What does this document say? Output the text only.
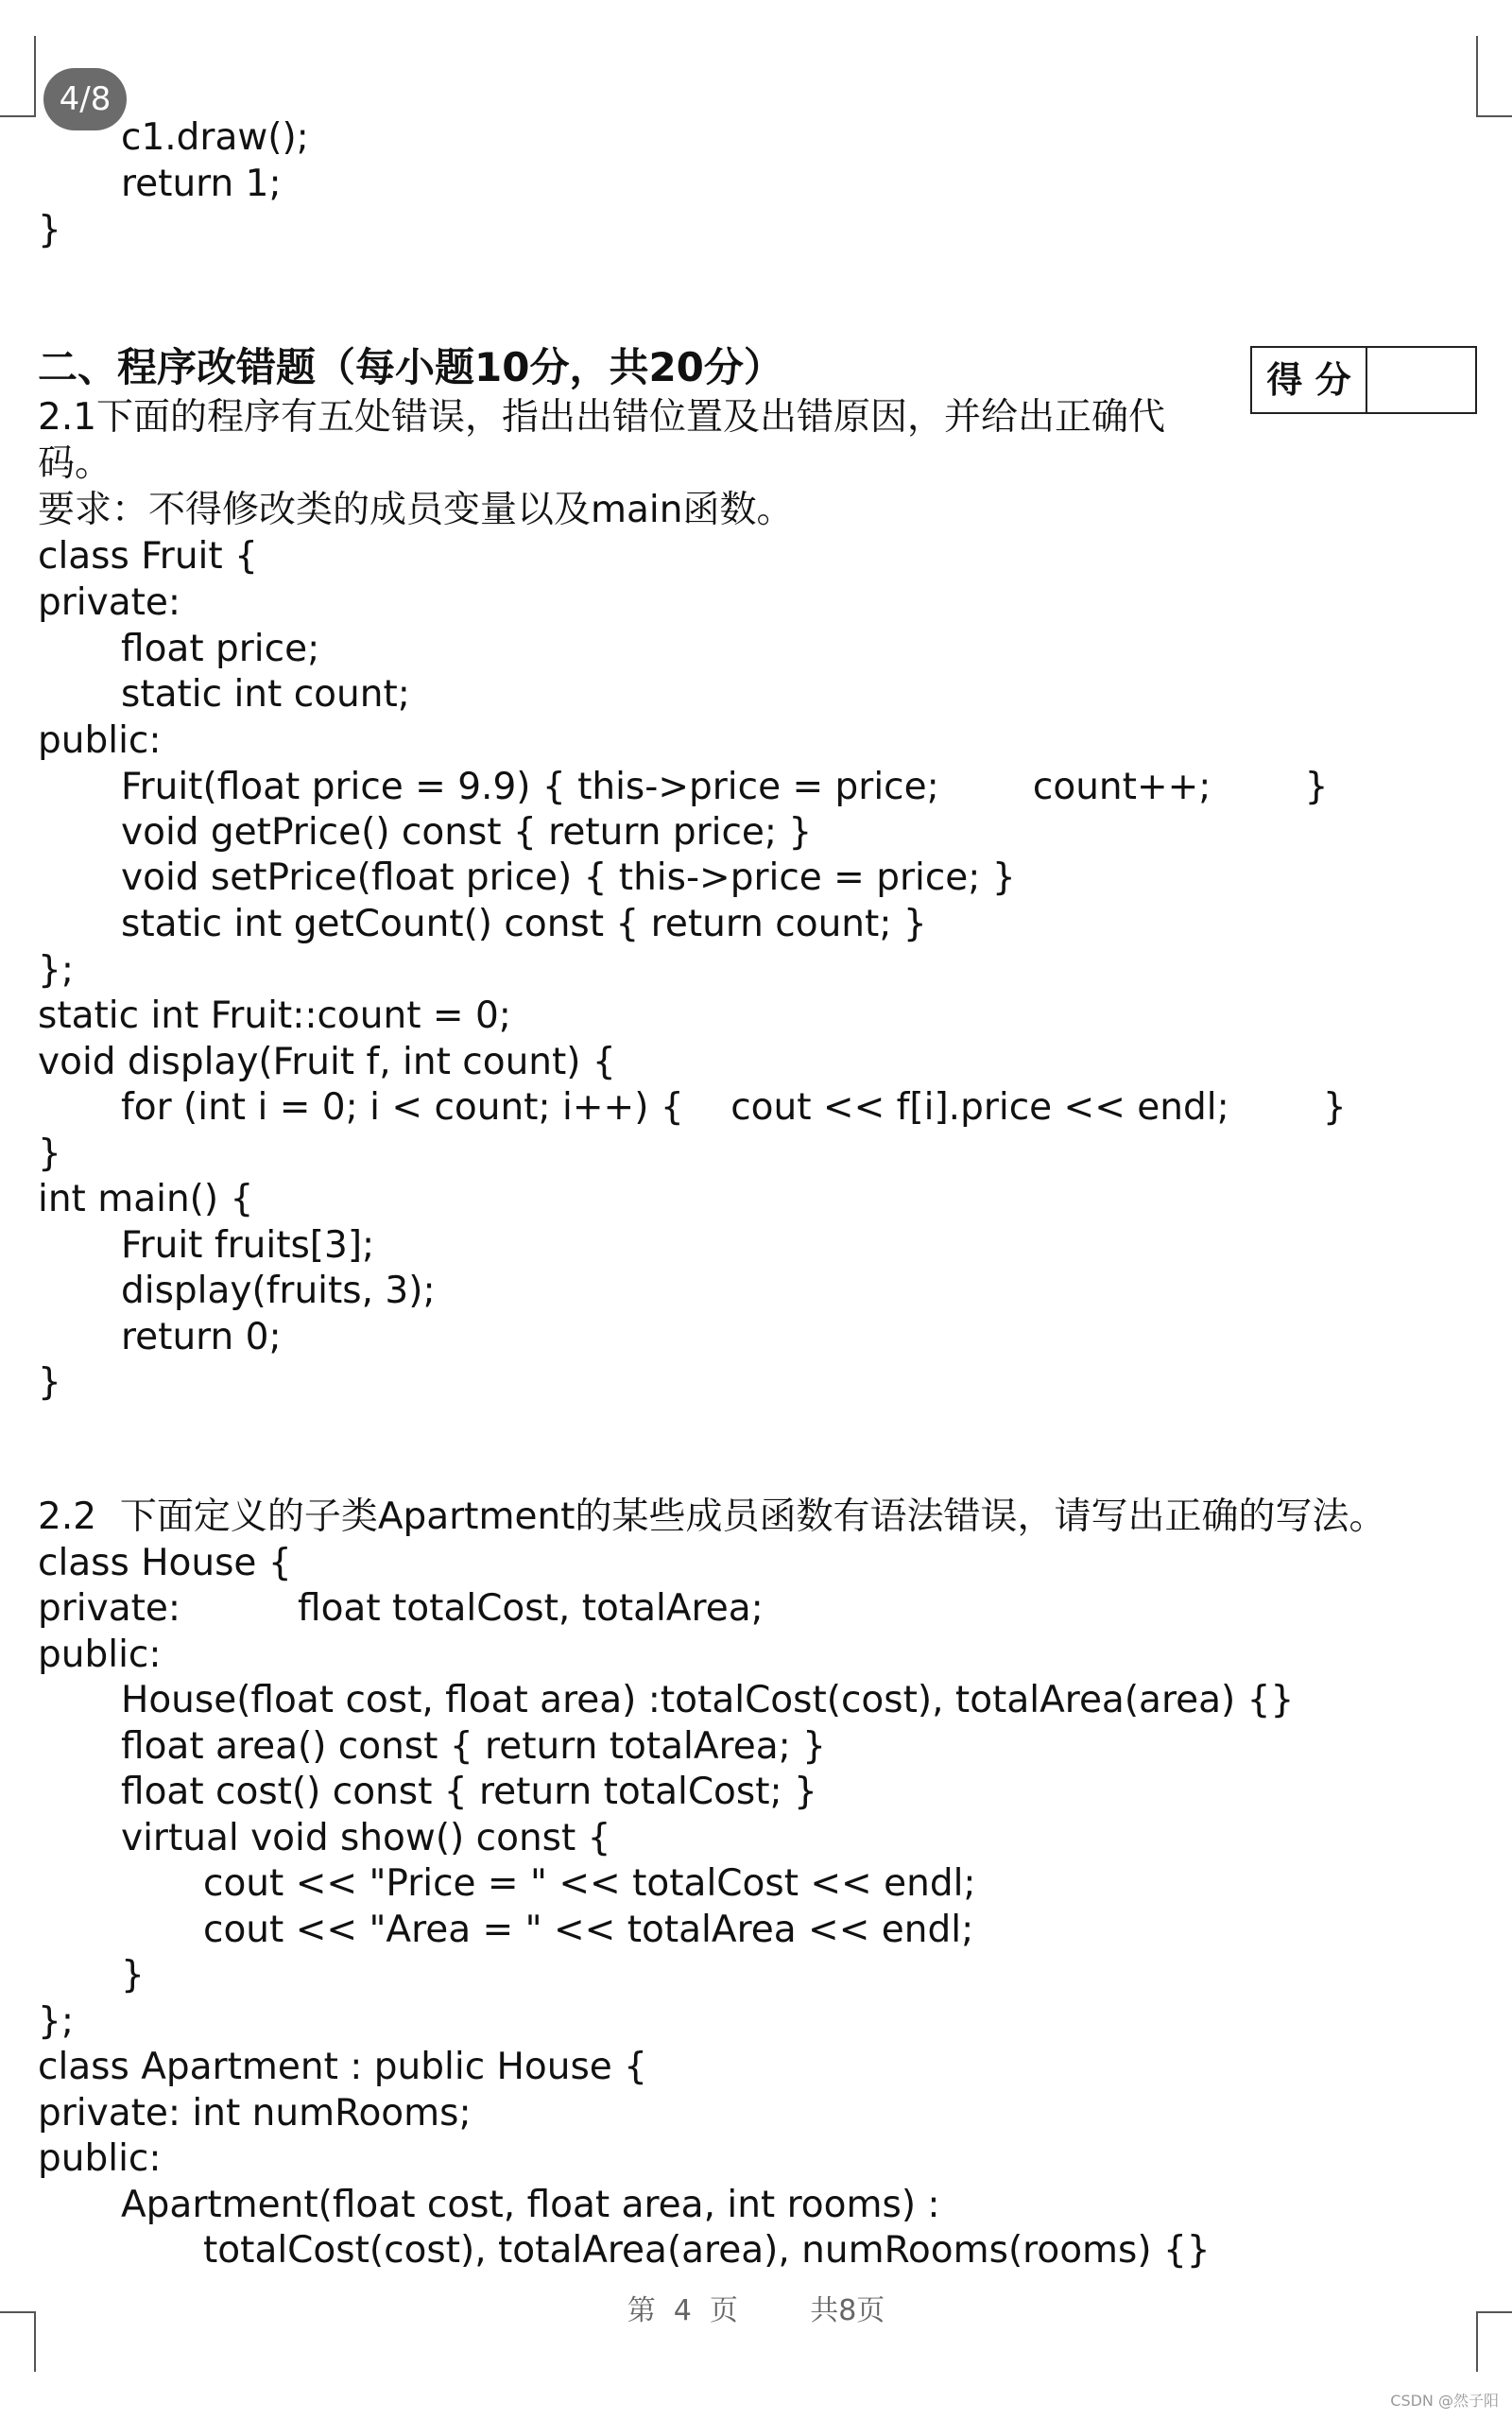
4/8
c1.draw();
return 1;
}
二、程序改错题（每小题10分，共20分）	得 分
2.1下面的程序有五处错误，指出出错位置及出错原因，并给出正确代
码。
要求：不得修改类的成员变量以及main函数。
class Fruit {
private:
float price;
static int count;
public:
Fruit(float price = 9.9) { this->price = price;        count++;        }
void getPrice() const { return price; }
void setPrice(float price) { this->price = price; }
static int getCount() const { return count; }
};
static int Fruit::count = 0;
void display(Fruit f, int count) {
for (int i = 0; i < count; i++) {    cout << f[i].price << endl;        }
}
int main() {
Fruit fruits[3];
display(fruits, 3);
return 0;
}
2.2  下面定义的子类Apartment的某些成员函数有语法错误，请写出正确的写法。
class House {
private:          float totalCost, totalArea;
public:
House(float cost, float area) :totalCost(cost), totalArea(area) {}
float area() const { return totalArea; }
float cost() const { return totalCost; }
virtual void show() const {
cout << "Price = " << totalCost << endl;
cout << "Area = " << totalArea << endl;
}
};
class Apartment : public House {
private: int numRooms;
public:
Apartment(float cost, float area, int rooms) :
totalCost(cost), totalArea(area), numRooms(rooms) {}
第  4  页        共8页
CSDN @然子阳
